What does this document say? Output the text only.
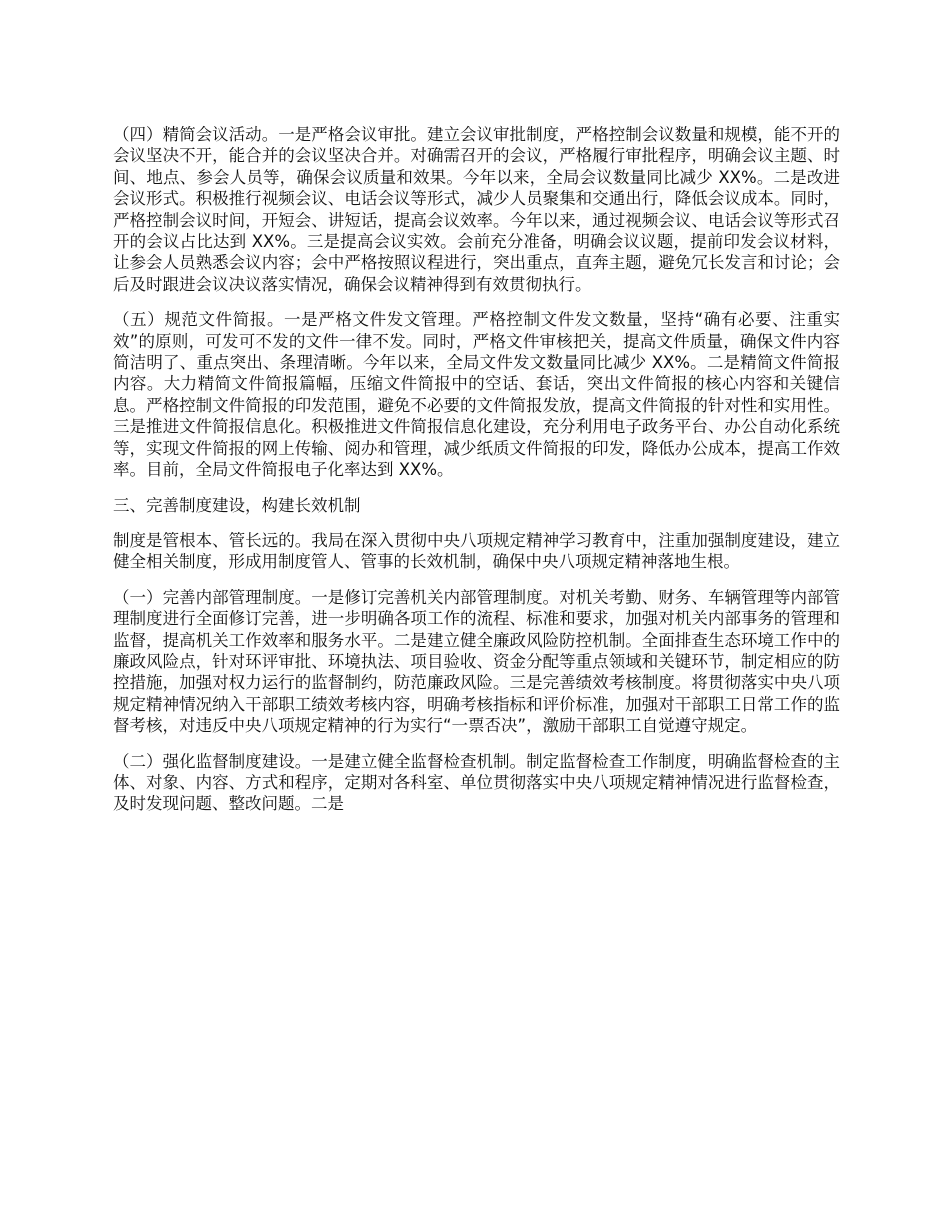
（四）精简会议活动。一是严格会议审批。建立会议审批制度，严格控制会议数量和规模，能不开的会议坚决不开，能合并的会议坚决合并。对确需召开的会议，严格履行审批程序，明确会议主题、时间、地点、参会人员等，确保会议质量和效果。今年以来，全局会议数量同比减少 XX%。二是改进会议形式。积极推行视频会议、电话会议等形式，减少人员聚集和交通出行，降低会议成本。同时，严格控制会议时间，开短会、讲短话，提高会议效率。今年以来，通过视频会议、电话会议等形式召开的会议占比达到 XX%。三是提高会议实效。会前充分准备，明确会议议题，提前印发会议材料，让参会人员熟悉会议内容；会中严格按照议程进行，突出重点，直奔主题，避免冗长发言和讨论；会后及时跟进会议决议落实情况，确保会议精神得到有效贯彻执行。

（五）规范文件简报。一是严格文件发文管理。严格控制文件发文数量，坚持“确有必要、注重实效”的原则，可发可不发的文件一律不发。同时，严格文件审核把关，提高文件质量，确保文件内容简洁明了、重点突出、条理清晰。今年以来，全局文件发文数量同比减少 XX%。二是精简文件简报内容。大力精简文件简报篇幅，压缩文件简报中的空话、套话，突出文件简报的核心内容和关键信息。严格控制文件简报的印发范围，避免不必要的文件简报发放，提高文件简报的针对性和实用性。三是推进文件简报信息化。积极推进文件简报信息化建设，充分利用电子政务平台、办公自动化系统等，实现文件简报的网上传输、阅办和管理，减少纸质文件简报的印发，降低办公成本，提高工作效率。目前，全局文件简报电子化率达到 XX%。

三、完善制度建设，构建长效机制

制度是管根本、管长远的。我局在深入贯彻中央八项规定精神学习教育中，注重加强制度建设，建立健全相关制度，形成用制度管人、管事的长效机制，确保中央八项规定精神落地生根。

（一）完善内部管理制度。一是修订完善机关内部管理制度。对机关考勤、财务、车辆管理等内部管理制度进行全面修订完善，进一步明确各项工作的流程、标准和要求，加强对机关内部事务的管理和监督，提高机关工作效率和服务水平。二是建立健全廉政风险防控机制。全面排查生态环境工作中的廉政风险点，针对环评审批、环境执法、项目验收、资金分配等重点领域和关键环节，制定相应的防控措施，加强对权力运行的监督制约，防范廉政风险。三是完善绩效考核制度。将贯彻落实中央八项规定精神情况纳入干部职工绩效考核内容，明确考核指标和评价标准，加强对干部职工日常工作的监督考核，对违反中央八项规定精神的行为实行“一票否决”，激励干部职工自觉遵守规定。

（二）强化监督制度建设。一是建立健全监督检查机制。制定监督检查工作制度，明确监督检查的主体、对象、内容、方式和程序，定期对各科室、单位贯彻落实中央八项规定精神情况进行监督检查，及时发现问题、整改问题。二是
